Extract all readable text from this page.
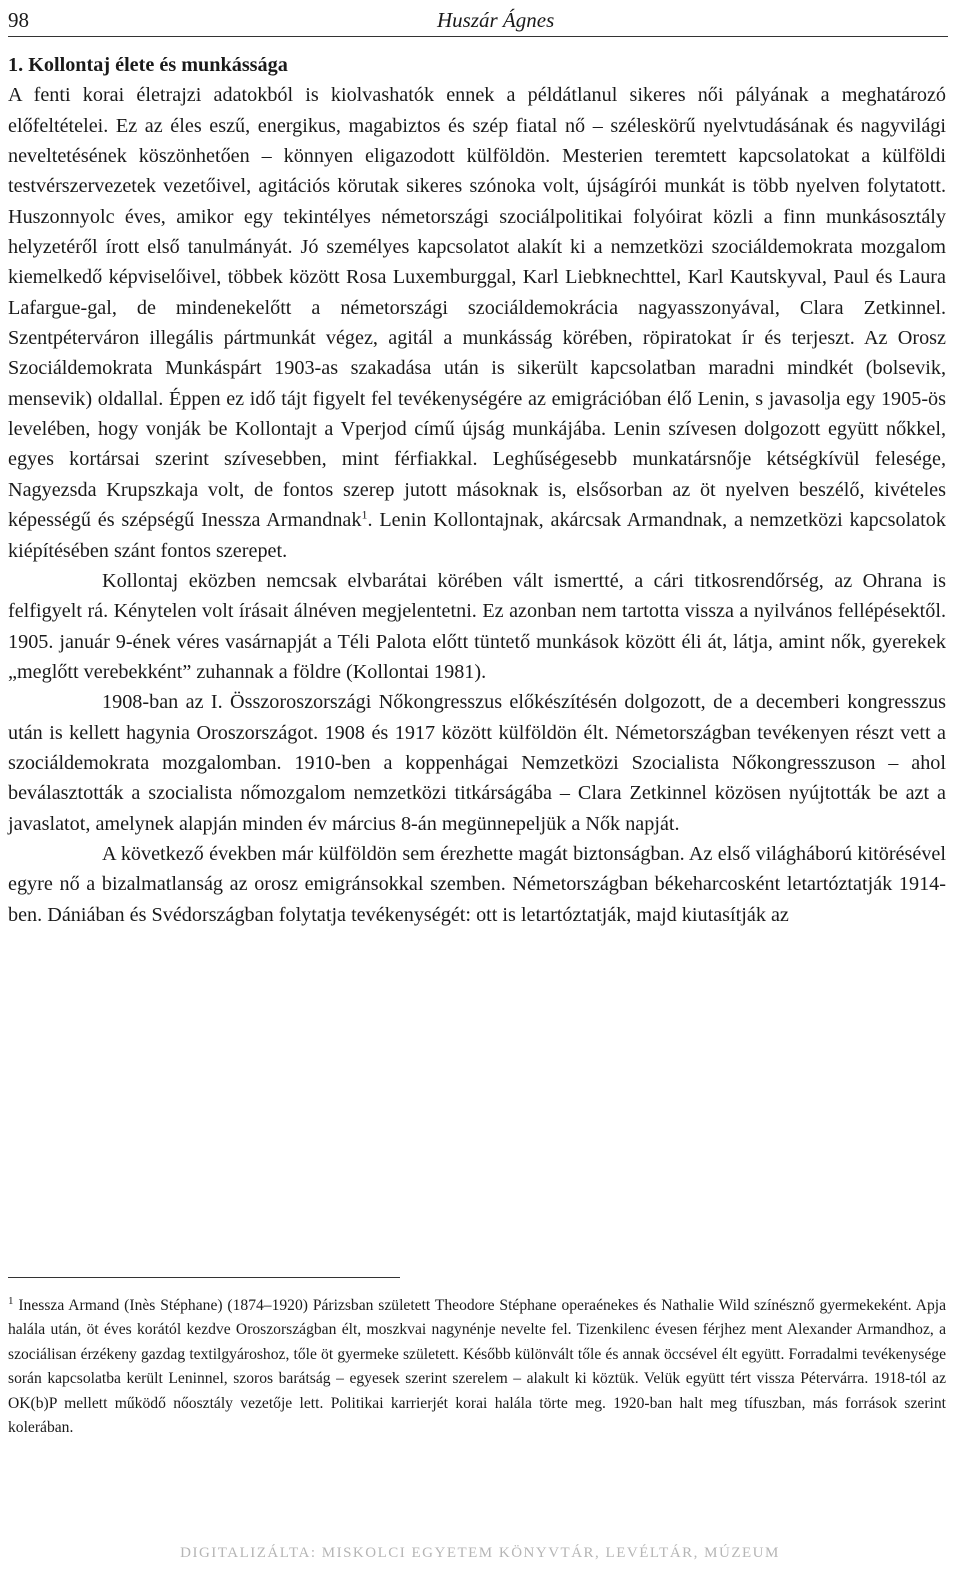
98	Huszár Ágnes

1. Kollontaj élete és munkássága
A fenti korai életrajzi adatokból is kiolvashatók ennek a példátlanul sikeres női pályának a meghatározó előfeltételei. Ez az éles eszű, energikus, magabiztos és szép fiatal nő – széleskörű nyelvtudásának és nagyvilági neveltetésének köszönhetően – könnyen eligazodott külföldön. Mesterien teremtett kapcsolatokat a külföldi testvérszervezetek vezetőivel, agitációs körutak sikeres szónoka volt, újságírói munkát is több nyelven folytatott. Huszonnyolc éves, amikor egy tekintélyes németországi szociálpolitikai folyóirat közli a finn munkásosztály helyzetéről írott első tanulmányát. Jó személyes kapcsolatot alakít ki a nemzetközi szociáldemokrata mozgalom kiemelkedő képviselőivel, többek között Rosa Luxemburggal, Karl Liebknechttel, Karl Kautskyval, Paul és Laura Lafargue-gal, de mindenekelőtt a németországi szociáldemokrácia nagyasszonyával, Clara Zetkinnel. Szentpéterváron illegális pártmunkát végez, agitál a munkásság körében, röpiratokat ír és terjeszt. Az Orosz Szociáldemokrata Munkáspárt 1903-as szakadása után is sikerült kapcsolatban maradni mindkét (bolsevik, mensevik) oldallal. Éppen ez idő tájt figyelt fel tevékenységére az emigrációban élő Lenin, s javasolja egy 1905-ös levelében, hogy vonják be Kollontajt a Vperjod című újság munkájába. Lenin szívesen dolgozott együtt nőkkel, egyes kortársai szerint szívesebben, mint férfiakkal. Leghűségesebb munkatársnője kétségkívül felesége, Nagyezsda Krupszkaja volt, de fontos szerep jutott másoknak is, elsősorban az öt nyelven beszélő, kivételes képességű és szépségű Inessza Armandnak$^1$. Lenin Kollontajnak, akárcsak Armandnak, a nemzetközi kapcsolatok kiépítésében szánt fontos szerepet.

Kollontaj eközben nemcsak elvbarátai körében vált ismertté, a cári titkosrendőrség, az Ohrana is felfigyelt rá. Kénytelen volt írásait álnéven megjelentetni. Ez azonban nem tartotta vissza a nyilvános fellépésektől. 1905. január 9-ének véres vasárnapját a Téli Palota előtt tüntető munkások között éli át, látja, amint nők, gyerekek „meglőtt verebekként” zuhannak a földre (Kollontai 1981).

1908-ban az I. Összoroszországi Nőkongresszus előkészítésén dolgozott, de a decemberi kongresszus után is kellett hagynia Oroszországot. 1908 és 1917 között külföldön élt. Németországban tevékenyen részt vett a szociáldemokrata mozgalomban. 1910-ben a koppenhágai Nemzetközi Szocialista Nőkongresszuson – ahol beválasztották a szocialista nőmozgalom nemzetközi titkárságába – Clara Zetkinnel közösen nyújtották be azt a javaslatot, amelynek alapján minden év március 8-án megünnepeljük a Nők napját.

A következő években már külföldön sem érezhette magát biztonságban. Az első világháború kitörésével egyre nő a bizalmatlanság az orosz emigránsokkal szemben. Németországban békeharcosként letartóztatják 1914-ben. Dániában és Svédországban folytatja tevékenységét: ott is letartóztatják, majd kiutasítják az

$^1$ Inessza Armand (Inès Stéphane) (1874–1920) Párizsban született Theodore Stéphane operaénekes és Nathalie Wild színésznő gyermekeként. Apja halála után, öt éves korától kezdve Oroszországban élt, moszkvai nagynénje nevelte fel. Tizenkilenc évesen férjhez ment Alexander Armandhoz, a szociálisan érzékeny gazdag textilgyároshoz, tőle öt gyermeke született. Később különvált tőle és annak öccsével élt együtt. Forradalmi tevékenysége során kapcsolatba került Leninnel, szoros barátság – egyesek szerint szerelem – alakult ki köztük. Velük együtt tért vissza Pétervárra. 1918-tól az OK(b)P mellett működő nőosztály vezetője lett. Politikai karrierjét korai halála törte meg. 1920-ban halt meg tífuszban, más források szerint kolerában.
DIGITALIZÁLTA: MISKOLCI EGYETEM KÖNYVTÁR, LEVÉLTÁR, MÚZEUM
